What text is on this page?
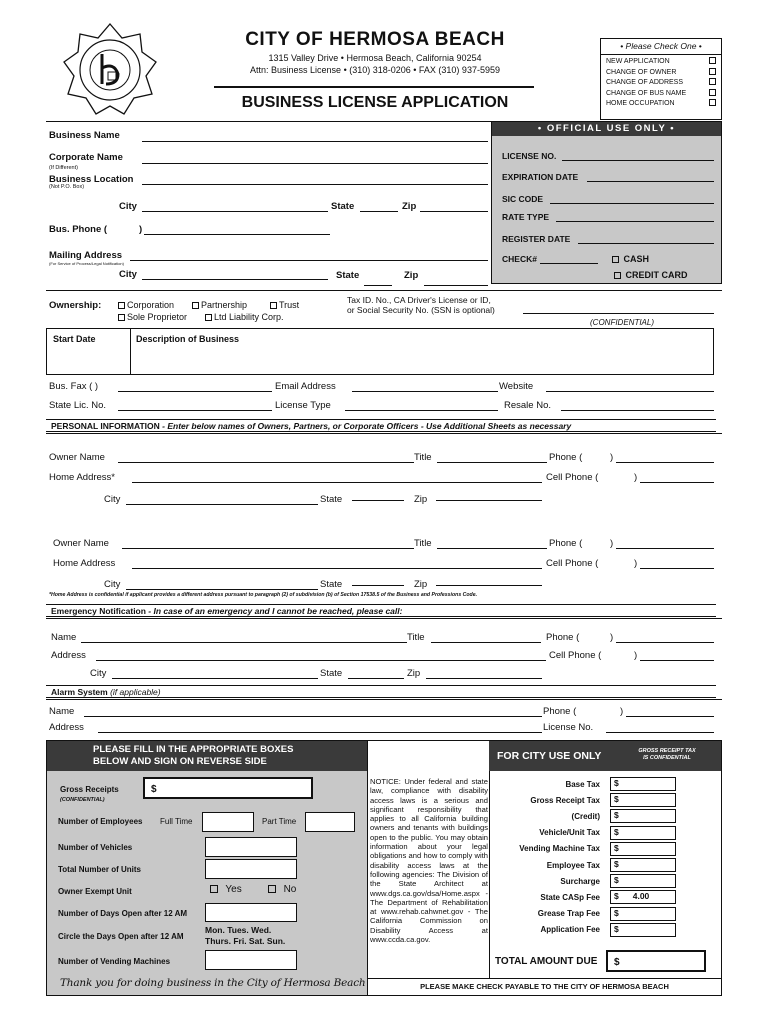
HERMOSA BEACH 1907
CITY OF HERMOSA BEACH
1315 Valley Drive • Hermosa Beach, California 90254
Attn: Business License • (310) 318-0206 • FAX (310) 937-5959
BUSINESS LICENSE APPLICATION
• Please Check One •
NEW APPLICATION
CHANGE OF OWNER
CHANGE OF ADDRESS
CHANGE OF BUS NAME
HOME OCCUPATION
• OFFICIAL USE ONLY •
LICENSE NO.
EXPIRATION DATE
SIC CODE
RATE TYPE
REGISTER DATE
CHECK#	CASH
CREDIT CARD
Business Name
Corporate Name
(If Different)
Business Location
(Not P.O. Box)
City	State	Zip
Bus. Phone (	)
Mailing Address
(For Service of Process/Legal Notification)
City	State	Zip
Ownership:	Corporation	Partnership	Trust
Sole Proprietor	Ltd Liability Corp.
Tax ID. No., CA Driver's License or ID,
or Social Security No. (SSN is optional)
(CONFIDENTIAL)
Start Date	Description of Business
Bus. Fax ( )	Email Address	Website
State Lic. No.	License Type	Resale No.
PERSONAL INFORMATION - Enter below names of Owners, Partners, or Corporate Officers - Use Additional Sheets as necessary
Owner Name	Title	Phone (	)
Home Address*	Cell Phone (	)
City	State	Zip
Owner Name	Title	Phone (	)
Home Address	Cell Phone (	)
City	State	Zip
*Home Address is confidential if applicant provides a different address pursuant to paragraph (2) of subdivision (b) of Section 17538.5 of the Business and Professions Code.
Emergency Notification - In case of an emergency and I cannot be reached, please call:
Name	Title	Phone (	)
Address	Cell Phone (	)
City	State	Zip
Alarm System (if applicable)
Name	Phone (	)
Address	License No.
PLEASE FILL IN THE APPROPRIATE BOXES
BELOW AND SIGN ON REVERSE SIDE
Gross Receipts
(CONFIDENTIAL)
$
Number of Employees Full Time	Part Time
Number of Vehicles
Total Number of Units
Owner Exempt Unit	Yes	No
Number of Days Open after 12 AM
Circle the Days Open after 12 AM
Mon. Tues. Wed.
Thurs. Fri. Sat. Sun.
Number of Vending Machines
Thank you for doing business in the City of Hermosa Beach
NOTICE: Under federal and state law, compliance with disability access laws is a serious and significant responsibility that applies to all California building owners and tenants with buildings open to the public. You may obtain information about your legal obligations and how to comply with disability access laws at the following agencies: The Division of the State Architect at www.dgs.ca.gov/dsa/Home.aspx - The Department of Rehabilitation at www.rehab.cahwnet.gov - The California Commission on Disability Access at www.ccda.ca.gov.
FOR CITY USE ONLY	GROSS RECEIPT TAX
IS CONFIDENTIAL
Base Tax $
Gross Receipt Tax $
(Credit) $
Vehicle/Unit Tax $
Vending Machine Tax $
Employee Tax $
Surcharge $
State CASp Fee $ 4.00
Grease Trap Fee $
Application Fee $
TOTAL AMOUNT DUE	$
PLEASE MAKE CHECK PAYABLE TO THE CITY OF HERMOSA BEACH
